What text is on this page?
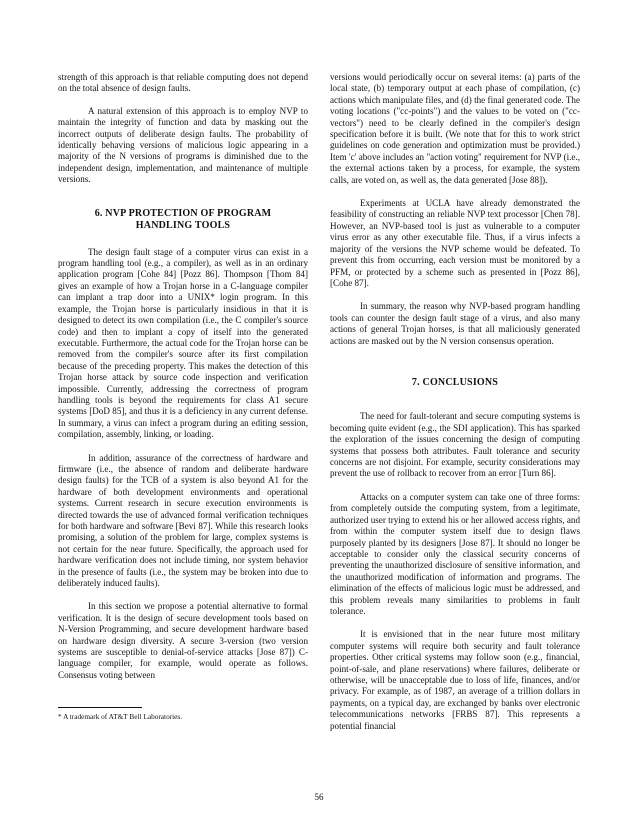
strength of this approach is that reliable computing does not depend on the total absence of design faults.

A natural extension of this approach is to employ NVP to maintain the integrity of function and data by masking out the incorrect outputs of deliberate design faults. The probability of identically behaving versions of malicious logic appearing in a majority of the N versions of programs is diminished due to the independent design, implementation, and maintenance of multiple versions.

6. NVP PROTECTION OF PROGRAM
HANDLING TOOLS

The design fault stage of a computer virus can exist in a program handling tool (e.g., a compiler), as well as in an ordinary application program [Cohe 84] [Pozz 86]. Thompson [Thom 84] gives an example of how a Trojan horse in a C-language compiler can implant a trap door into a UNIX* login program. In this example, the Trojan horse is particularly insidious in that it is designed to detect its own compilation (i.e., the C compiler's source code) and then to implant a copy of itself into the generated executable. Furthermore, the actual code for the Trojan horse can be removed from the compiler's source after its first compilation because of the preceding property. This makes the detection of this Trojan horse attack by source code inspection and verification impossible. Currently, addressing the correctness of program handling tools is beyond the requirements for class A1 secure systems [DoD 85], and thus it is a deficiency in any current defense. In summary, a virus can infect a program during an editing session, compilation, assembly, linking, or loading.

In addition, assurance of the correctness of hardware and firmware (i.e., the absence of random and deliberate hardware design faults) for the TCB of a system is also beyond A1 for the hardware of both development environments and operational systems. Current research in secure execution environments is directed towards the use of advanced formal verification techniques for both hardware and software [Bevi 87]. While this research looks promising, a solution of the problem for large, complex systems is not certain for the near future. Specifically, the approach used for hardware verification does not include timing, nor system behavior in the presence of faults (i.e., the system may be broken into due to deliberately induced faults).

In this section we propose a potential alternative to formal verification. It is the design of secure development tools based on N-Version Programming, and secure development hardware based on hardware design diversity. A secure 3-version (two version systems are susceptible to denial-of-service attacks [Jose 87]) C-language compiler, for example, would operate as follows. Consensus voting between

* A trademark of AT&T Bell Laboratories.

versions would periodically occur on several items: (a) parts of the local state, (b) temporary output at each phase of compilation, (c) actions which manipulate files, and (d) the final generated code. The voting locations ("cc-points") and the values to be voted on ("cc-vectors") need to be clearly defined in the compiler's design specification before it is built. (We note that for this to work strict guidelines on code generation and optimization must be provided.) Item 'c' above includes an "action voting" requirement for NVP (i.e., the external actions taken by a process, for example, the system calls, are voted on, as well as, the data generated [Jose 88]).

Experiments at UCLA have already demonstrated the feasibility of constructing an reliable NVP text processor [Chen 78]. However, an NVP-based tool is just as vulnerable to a computer virus error as any other executable file. Thus, if a virus infects a majority of the versions the NVP scheme would be defeated. To prevent this from occurring, each version must be monitored by a PFM, or protected by a scheme such as presented in [Pozz 86], [Cohe 87].

In summary, the reason why NVP-based program handling tools can counter the design fault stage of a virus, and also many actions of general Trojan horses, is that all maliciously generated actions are masked out by the N version consensus operation.

7. CONCLUSIONS

The need for fault-tolerant and secure computing systems is becoming quite evident (e.g., the SDI application). This has sparked the exploration of the issues concerning the design of computing systems that possess both attributes. Fault tolerance and security concerns are not disjoint. For example, security considerations may prevent the use of rollback to recover from an error [Turn 86].

Attacks on a computer system can take one of three forms: from completely outside the computing system, from a legitimate, authorized user trying to extend his or her allowed access rights, and from within the computer system itself due to design flaws purposely planted by its designers [Jose 87]. It should no longer be acceptable to consider only the classical security concerns of preventing the unauthorized disclosure of sensitive information, and the unauthorized modification of information and programs. The elimination of the effects of malicious logic must be addressed, and this problem reveals many similarities to problems in fault tolerance.

It is envisioned that in the near future most military computer systems will require both security and fault tolerance properties. Other critical systems may follow soon (e.g., financial, point-of-sale, and plane reservations) where failures, deliberate or otherwise, will be unacceptable due to loss of life, finances, and/or privacy. For example, as of 1987, an average of a trillion dollars in payments, on a typical day, are exchanged by banks over electronic telecommunications networks [FRBS 87]. This represents a potential financial

56
